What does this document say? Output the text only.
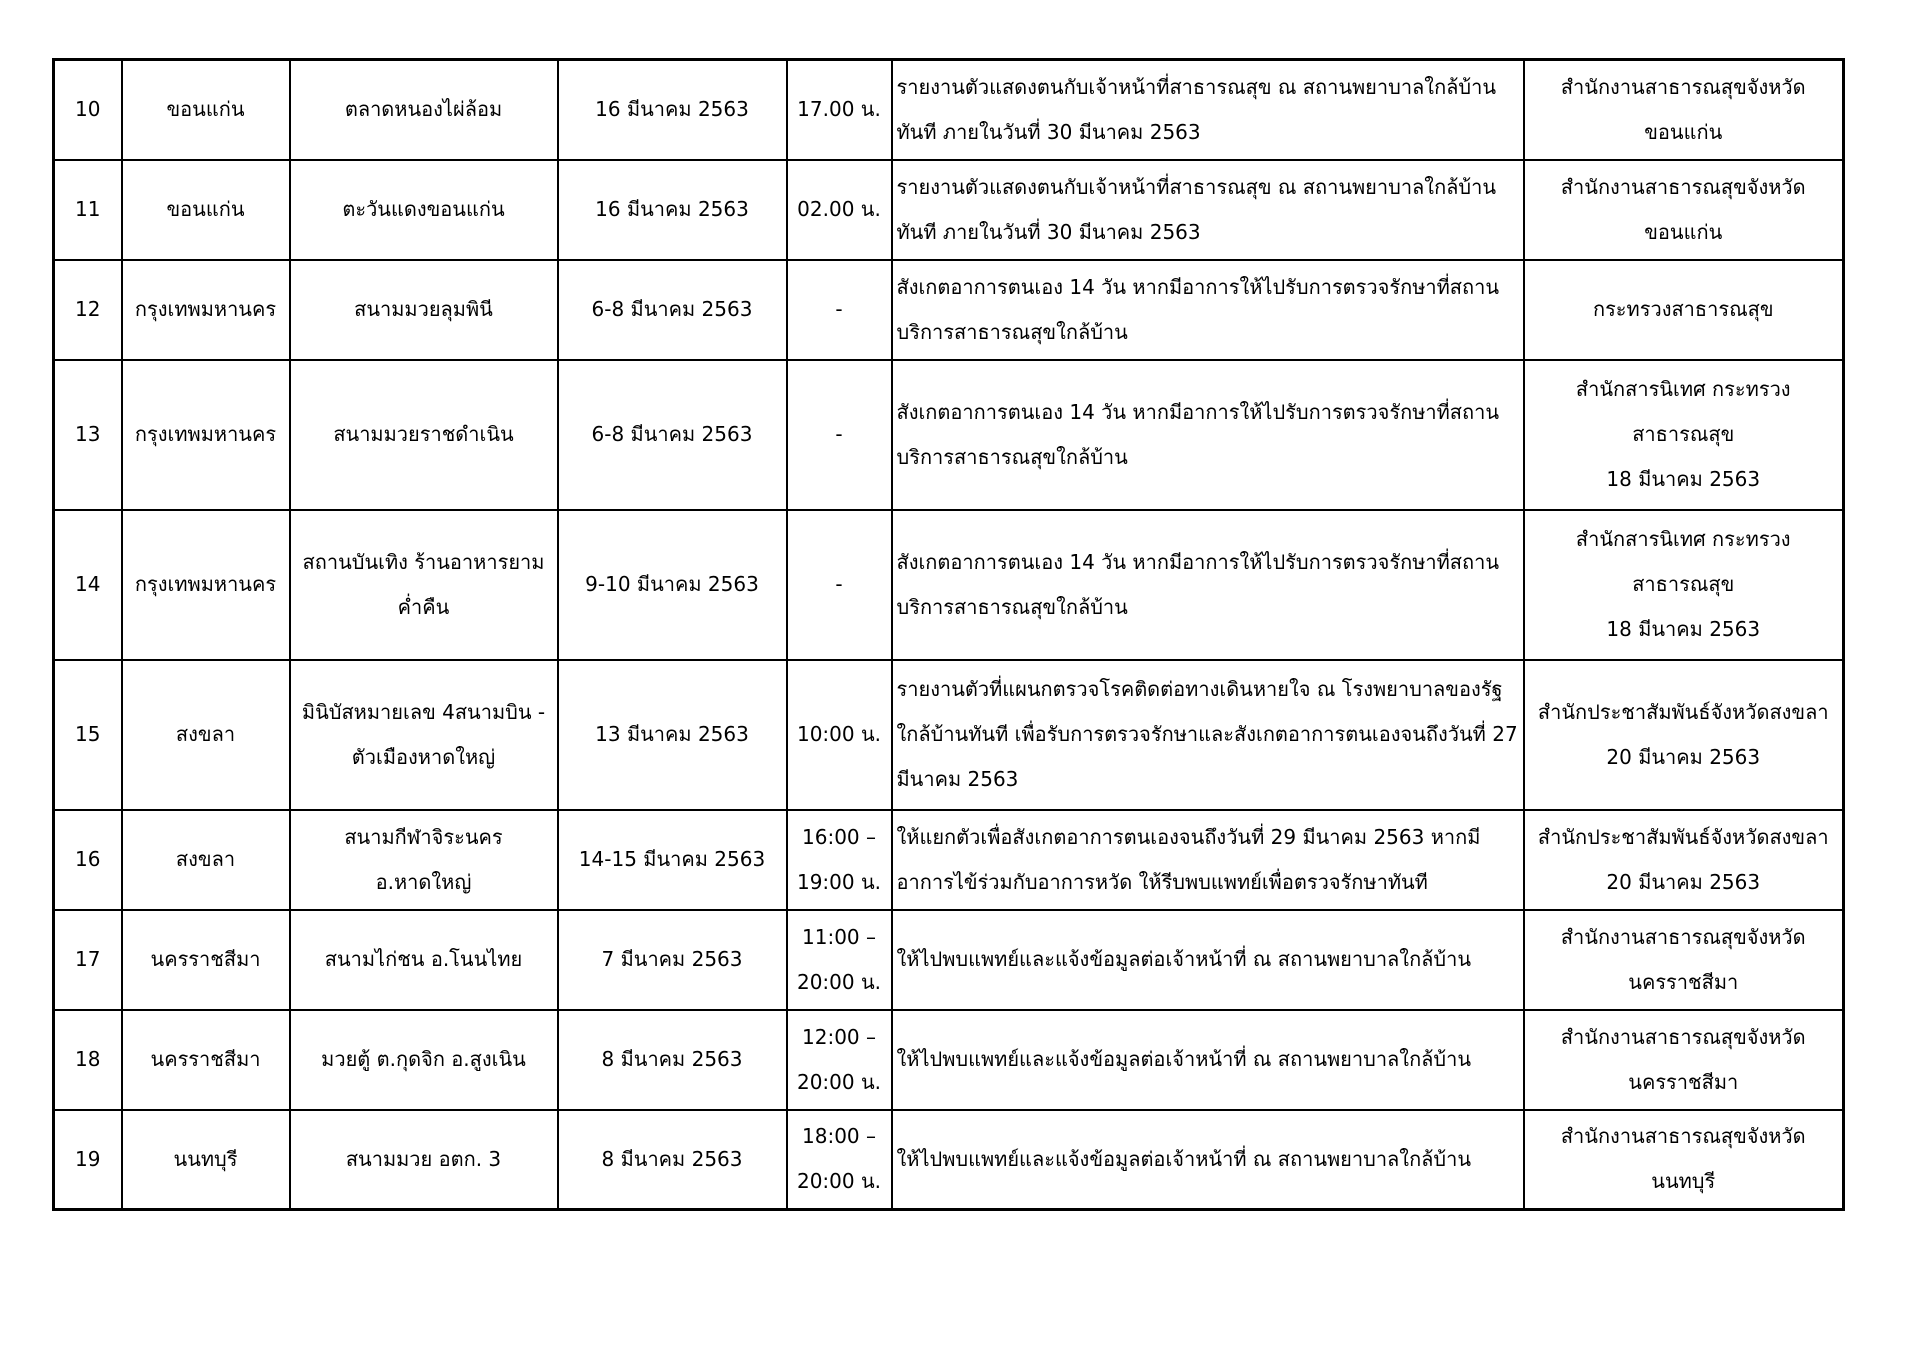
10	ขอนแก่น	ตลาดหนองไผ่ล้อม	16 มีนาคม 2563	17.00 น.	รายงานตัวแสดงตนกับเจ้าหน้าที่สาธารณสุข ณ สถานพยาบาลใกล้บ้าน
ทันที ภายในวันที่ 30 มีนาคม 2563	สำนักงานสาธารณสุขจังหวัด
ขอนแก่น

11	ขอนแก่น	ตะวันแดงขอนแก่น	16 มีนาคม 2563	02.00 น.	รายงานตัวแสดงตนกับเจ้าหน้าที่สาธารณสุข ณ สถานพยาบาลใกล้บ้าน
ทันที ภายในวันที่ 30 มีนาคม 2563	สำนักงานสาธารณสุขจังหวัด
ขอนแก่น

12	กรุงเทพมหานคร	สนามมวยลุมพินี	6-8 มีนาคม 2563	-	สังเกตอาการตนเอง 14 วัน หากมีอาการให้ไปรับการตรวจรักษาที่สถาน
บริการสาธารณสุขใกล้บ้าน	กระทรวงสาธารณสุข

13	กรุงเทพมหานคร	สนามมวยราชดำเนิน	6-8 มีนาคม 2563	-	สังเกตอาการตนเอง 14 วัน หากมีอาการให้ไปรับการตรวจรักษาที่สถาน
บริการสาธารณสุขใกล้บ้าน	สำนักสารนิเทศ กระทรวง
สาธารณสุข
18 มีนาคม 2563

14	กรุงเทพมหานคร	สถานบันเทิง ร้านอาหารยาม
ค่ำคืน	9-10 มีนาคม 2563	-	สังเกตอาการตนเอง 14 วัน หากมีอาการให้ไปรับการตรวจรักษาที่สถาน
บริการสาธารณสุขใกล้บ้าน	สำนักสารนิเทศ กระทรวง
สาธารณสุข
18 มีนาคม 2563

15	สงขลา	มินิบัสหมายเลข 4สนามบิน -
ตัวเมืองหาดใหญ่	13 มีนาคม 2563	10:00 น.	รายงานตัวที่แผนกตรวจโรคติดต่อทางเดินหายใจ ณ โรงพยาบาลของรัฐ
ใกล้บ้านทันที เพื่อรับการตรวจรักษาและสังเกตอาการตนเองจนถึงวันที่ 27
มีนาคม 2563	สำนักประชาสัมพันธ์จังหวัดสงขลา
20 มีนาคม 2563

16	สงขลา	สนามกีฬาจิระนคร อ.หาดใหญ่	14-15 มีนาคม 2563	16:00 –
19:00 น.	ให้แยกตัวเพื่อสังเกตอาการตนเองจนถึงวันที่ 29 มีนาคม 2563 หากมี
อาการไข้ร่วมกับอาการหวัด ให้รีบพบแพทย์เพื่อตรวจรักษาทันที	สำนักประชาสัมพันธ์จังหวัดสงขลา
20 มีนาคม 2563

17	นครราชสีมา	สนามไก่ชน อ.โนนไทย	7 มีนาคม 2563	11:00 –
20:00 น.	ให้ไปพบแพทย์และแจ้งข้อมูลต่อเจ้าหน้าที่ ณ สถานพยาบาลใกล้บ้าน	สำนักงานสาธารณสุขจังหวัด
นครราชสีมา

18	นครราชสีมา	มวยตู้ ต.กุดจิก อ.สูงเนิน	8 มีนาคม 2563	12:00 –
20:00 น.	ให้ไปพบแพทย์และแจ้งข้อมูลต่อเจ้าหน้าที่ ณ สถานพยาบาลใกล้บ้าน	สำนักงานสาธารณสุขจังหวัด
นครราชสีมา

19	นนทบุรี	สนามมวย อตก. 3	8 มีนาคม 2563	18:00 –
20:00 น.	ให้ไปพบแพทย์และแจ้งข้อมูลต่อเจ้าหน้าที่ ณ สถานพยาบาลใกล้บ้าน	สำนักงานสาธารณสุขจังหวัดนนทบุรี
